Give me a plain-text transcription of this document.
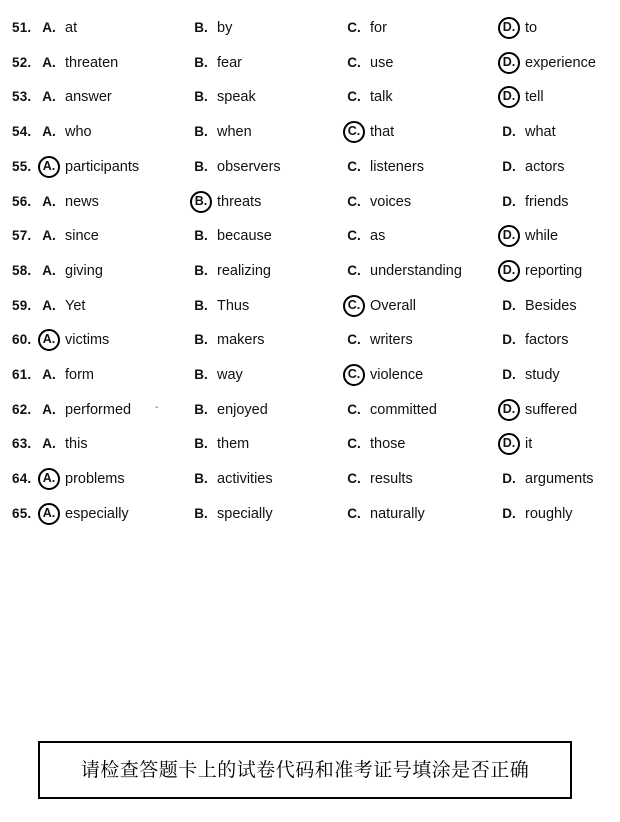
51. A. at	B. by	C. for	D. to
52. A. threaten	B. fear	C. use	D. experience
53. A. answer	B. speak	C. talk	D. tell
54. A. who	B. when	C. that	D. what
55. A. participants	B. observers	C. listeners	D. actors
56. A. news	B. threats	C. voices	D. friends
57. A. since	B. because	C. as	D. while
58. A. giving	B. realizing	C. understanding	D. reporting
59. A. Yet	B. Thus	C. Overall	D. Besides
60. A. victims	B. makers	C. writers	D. factors
61. A. form	B. way	C. violence	D. study
62. A. performed	B. enjoyed	C. committed	D. suffered
63. A. this	B. them	C. those	D. it
64. A. problems	B. activities	C. results	D. arguments
65. A. especially	B. specially	C. naturally	D. roughly
-
请检查答题卡上的试卷代码和准考证号填涂是否正确
